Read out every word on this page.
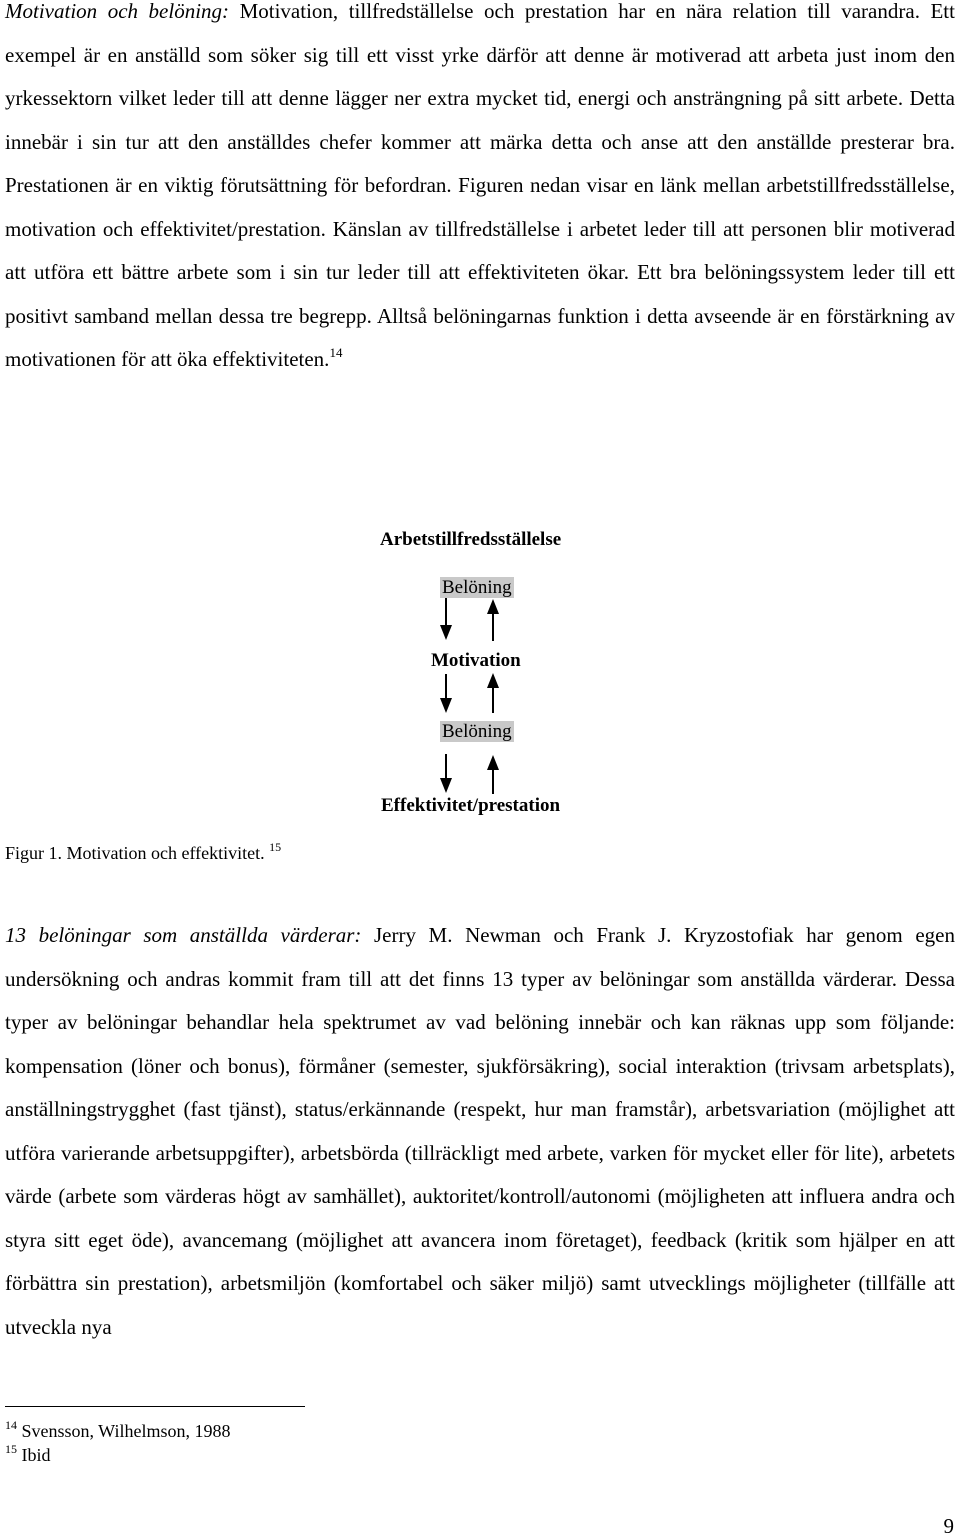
Motivation och belöning: Motivation, tillfredställelse och prestation har en nära relation till varandra. Ett exempel är en anställd som söker sig till ett visst yrke därför att denne är motiverad att arbeta just inom den yrkessektorn vilket leder till att denne lägger ner extra mycket tid, energi och ansträngning på sitt arbete. Detta innebär i sin tur att den anställdes chefer kommer att märka detta och anse att den anställde presterar bra. Prestationen är en viktig förutsättning för befordran. Figuren nedan visar en länk mellan arbetstillfredsställelse, motivation och effektivitet/prestation. Känslan av tillfredställelse i arbetet leder till att personen blir motiverad att utföra ett bättre arbete som i sin tur leder till att effektiviteten ökar. Ett bra belöningssystem leder till ett positivt samband mellan dessa tre begrepp. Alltså belöningarnas funktion i detta avseende är en förstärkning av motivationen för att öka effektiviteten.$^{14}$

Arbetstillfredsställelse
Belöning
Motivation
Belöning
Effektivitet/prestation
Figur 1. Motivation och effektivitet. $^{15}$

13 belöningar som anställda värderar: Jerry M. Newman och Frank J. Kryzostofiak har genom egen undersökning och andras kommit fram till att det finns 13 typer av belöningar som anställda värderar. Dessa typer av belöningar behandlar hela spektrumet av vad belöning innebär och kan räknas upp som följande: kompensation (löner och bonus), förmåner (semester, sjukförsäkring), social interaktion (trivsam arbetsplats), anställningstrygghet (fast tjänst), status/erkännande (respekt, hur man framstår), arbetsvariation (möjlighet att utföra varierande arbetsuppgifter), arbetsbörda (tillräckligt med arbete, varken för mycket eller för lite), arbetets värde (arbete som värderas högt av samhället), auktoritet/kontroll/autonomi (möjligheten att influera andra och styra sitt eget öde), avancemang (möjlighet att avancera inom företaget), feedback (kritik som hjälper en att förbättra sin prestation), arbetsmiljön (komfortabel och säker miljö) samt utvecklings möjligheter (tillfälle att utveckla nya

$^{14}$ Svensson, Wilhelmson, 1988
$^{15}$ Ibid
9
